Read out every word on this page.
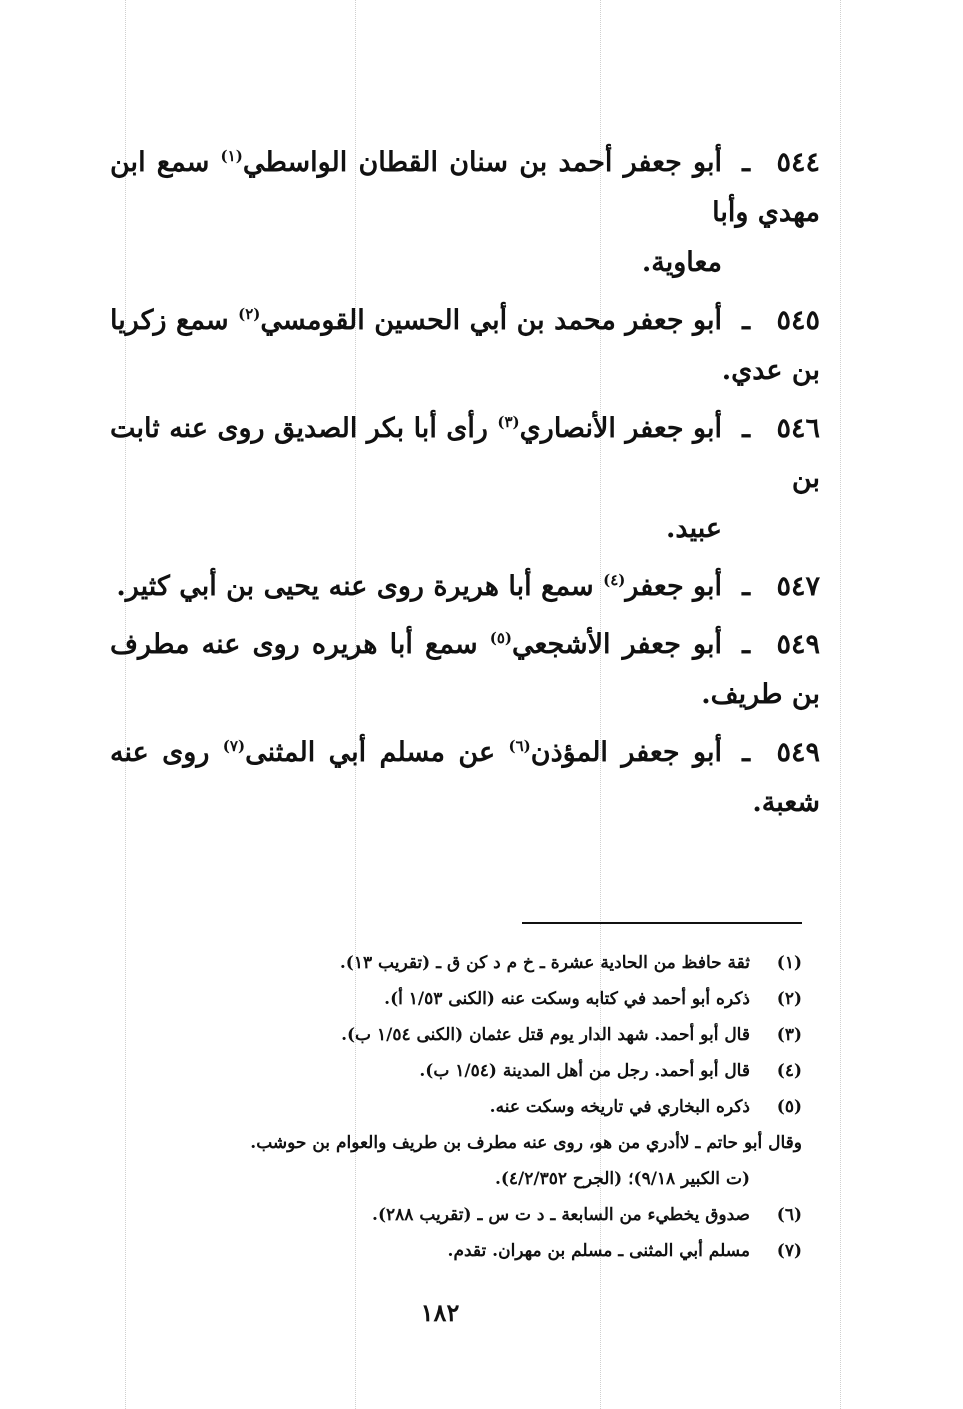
٥٤٤ـأبو جعفر أحمد بن سنان القطان الواسطي$^{(١)}$ سمع ابن مهدي وأبا
معاوية.
٥٤٥ـأبو جعفر محمد بن أبي الحسين القومسي$^{(٢)}$ سمع زكريا بن عدي.
٥٤٦ـأبو جعفر الأنصاري$^{(٣)}$ رأى أبا بكر الصديق روى عنه ثابت بن
عبيد.
٥٤٧ـأبو جعفر$^{(٤)}$ سمع أبا هريرة روى عنه يحيى بن أبي كثير.
٥٤٩ـأبو جعفر الأشجعي$^{(٥)}$ سمع أبا هريره روى عنه مطرف بن طريف.
٥٤٩ـأبو جعفر المؤذن$^{(٦)}$ عن مسلم أبي المثنى$^{(٧)}$ روى عنه شعبة.
(١)ثقة حافظ من الحادية عشرة ـ خ م د كن ق ـ (تقريب ١٣).
(٢)ذكره أبو أحمد في كتابه وسكت عنه (الكنى ١/٥٣ أ).
(٣)قال أبو أحمد. شهد الدار يوم قتل عثمان (الكنى ١/٥٤ ب).
(٤)قال أبو أحمد. رجل من أهل المدينة (١/٥٤ ب).
(٥)ذكره البخاري في تاريخه وسكت عنه.
وقال أبو حاتم ـ لاأدري من هو، روى عنه مطرف بن طريف والعوام بن حوشب.
(ت الكبير ٩/١٨)؛ (الجرح ٤/٢/٣٥٢).
(٦)صدوق يخطيء من السابعة ـ د ت س ـ (تقريب ٢٨٨).
(٧)مسلم أبي المثنى ـ مسلم بن مهران. تقدم.
١٨٢
